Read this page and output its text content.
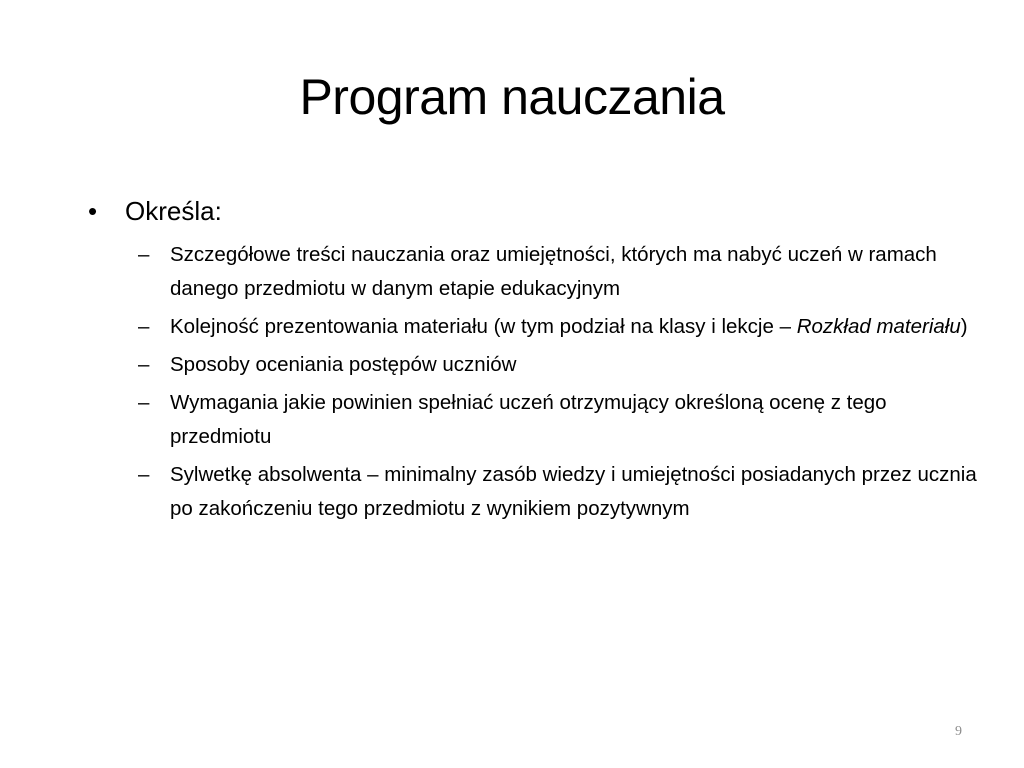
Program nauczania
• Określa:
– Szczegółowe treści nauczania oraz umiejętności, których ma nabyć uczeń w ramach danego przedmiotu w danym etapie edukacyjnym
– Kolejność prezentowania materiału (w tym podział na klasy i lekcje – Rozkład materiału)
– Sposoby oceniania postępów uczniów
– Wymagania jakie powinien spełniać uczeń otrzymujący określoną ocenę z tego przedmiotu
– Sylwetkę absolwenta – minimalny zasób wiedzy i umiejętności posiadanych przez ucznia po zakończeniu tego przedmiotu z wynikiem pozytywnym
9
